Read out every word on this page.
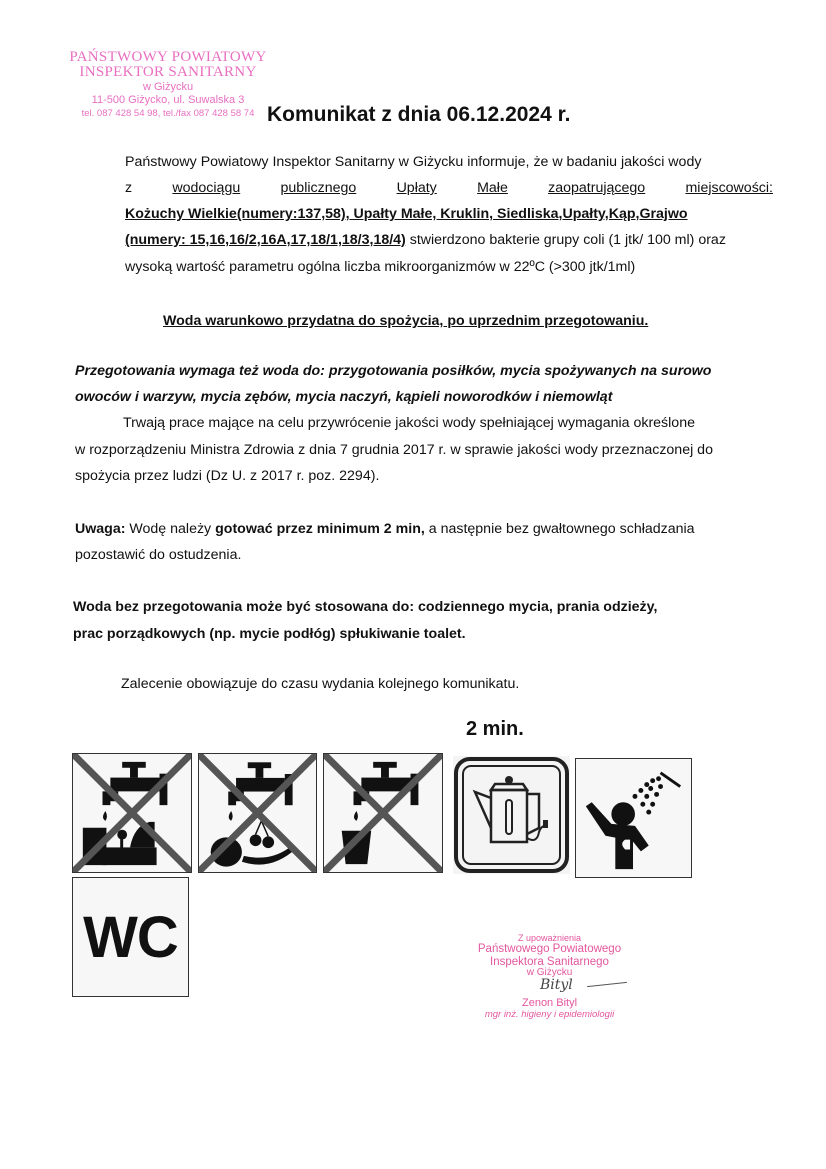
PAŃSTWOWY POWIATOWY
INSPEKTOR SANITARNY
w Giżycku
11-500 Giżycko, ul. Suwalska 3
tel. 087 428 54 98, tel./fax 087 428 58 74 Komunikat z dnia 06.12.2024 r.
Państwowy Powiatowy Inspektor Sanitarny w Giżycku informuje, że w badaniu jakości wody
z	wodociągu	publicznego	Upłaty	Małe	zaopatrującego	miejscowości:
Kożuchy Wielkie(numery:137,58), Upałty Małe, Kruklin, Siedliska,Upałty,Kąp,Grajwo
(numery: 15,16,16/2,16A,17,18/1,18/3,18/4) stwierdzono bakterie grupy coli (1 jtk/ 100 ml) oraz
wysoką wartość parametru ogólna liczba mikroorganizmów w 22ºC (>300 jtk/1ml)
Woda warunkowo przydatna do spożycia, po uprzednim przegotowaniu.
Przegotowania wymaga też woda do: przygotowania posiłków, mycia spożywanych na surowo
owoców i warzyw, mycia zębów, mycia naczyń, kąpieli noworodków i niemowląt
Trwają prace mające na celu przywrócenie jakości wody spełniającej wymagania określone
w rozporządzeniu Ministra Zdrowia z dnia 7 grudnia 2017 r. w sprawie jakości wody przeznaczonej do
spożycia przez ludzi (Dz U. z 2017 r. poz. 2294).
Uwaga: Wodę należy gotować przez minimum 2 min, a następnie bez gwałtownego schładzania
pozostawić do ostudzenia.
Woda bez przegotowania może być stosowana do: codziennego mycia, prania odzieży,
prac porządkowych (np. mycie podłóg) spłukiwanie toalet.
Zalecenie obowiązuje do czasu wydania kolejnego komunikatu.
2 min.
WC	Z upoważnienia
Państwowego Powiatowego
Inspektora Sanitarnego
w Giżycku
Bityl
Zenon Bityl
mgr inż. higieny i epidemiologii
